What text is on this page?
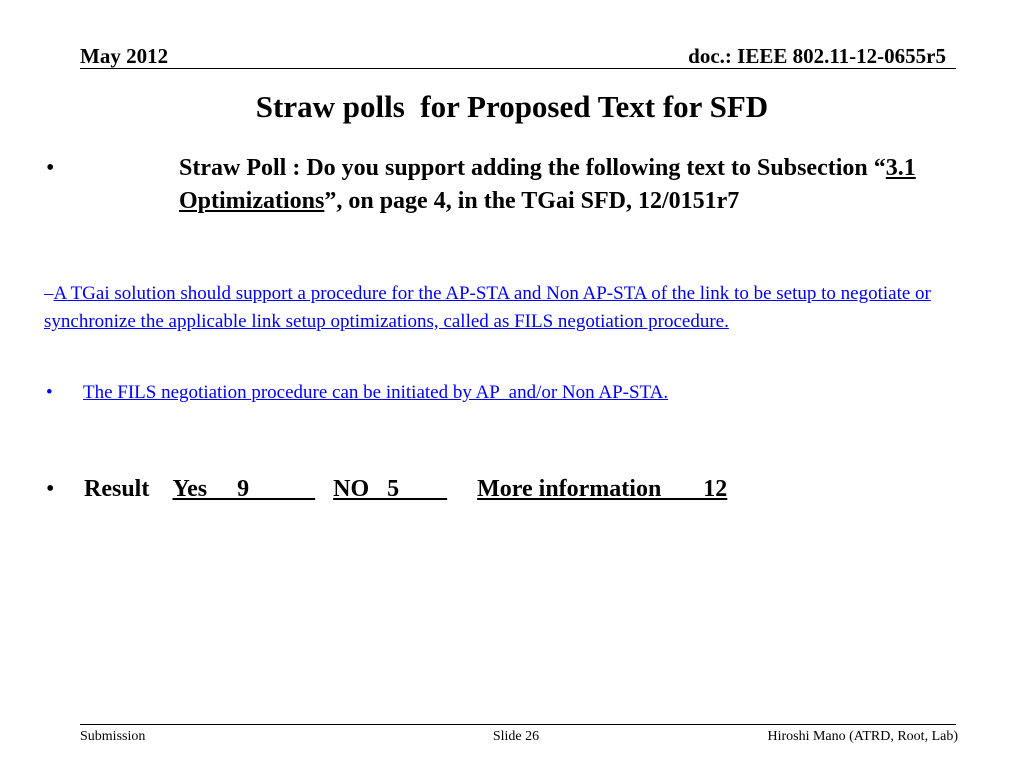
May 2012	doc.: IEEE 802.11-12-0655r5
Straw polls  for Proposed Text for SFD
•	Straw Poll : Do you support adding the following text to Subsection “3.1 Optimizations”, on page 4, in the TGai SFD, 12/0151r7
–A TGai solution should support a procedure for the AP-STA and Non AP-STA of the link to be setup to negotiate or synchronize the applicable link setup optimizations, called as FILS negotiation procedure.
• The FILS negotiation procedure can be initiated by AP  and/or Non AP-STA.
• Result Yes     9              NO   5             More information       12
Submission	Slide 26	Hiroshi Mano (ATRD, Root, Lab)
